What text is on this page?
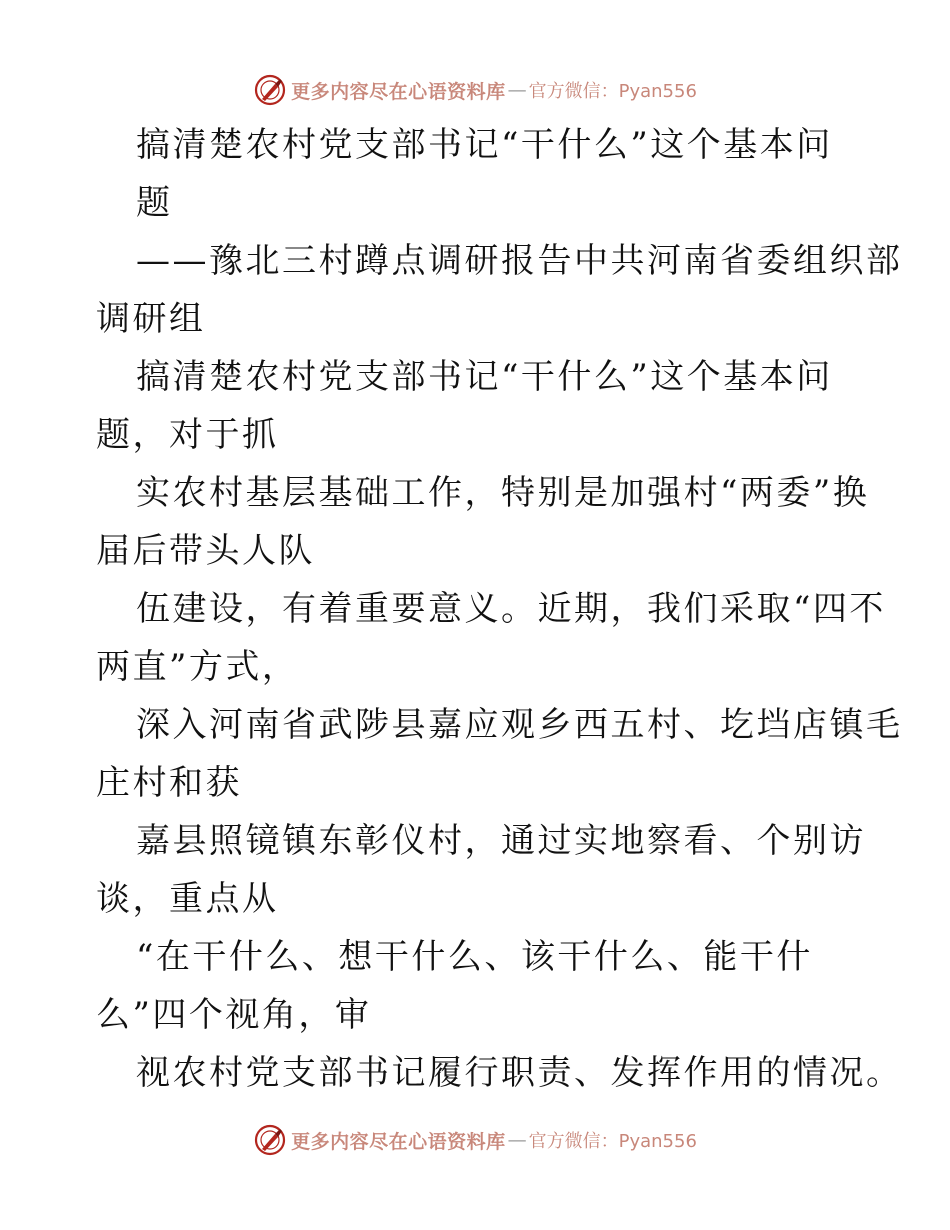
更多内容尽在心语资料库 — 官方微信：Pyan556
搞清楚农村党支部书记“干什么”这个基本问
题
——豫北三村蹲点调研报告中共河南省委组织部
调研组
搞清楚农村党支部书记“干什么”这个基本问
题，对于抓
实农村基层基础工作，特别是加强村“两委”换
届后带头人队
伍建设，有着重要意义。近期，我们采取“四不
两直”方式，
深入河南省武陟县嘉应观乡西五村、圪垱店镇毛
庄村和获
嘉县照镜镇东彰仪村，通过实地察看、个别访
谈，重点从
“在干什么、想干什么、该干什么、能干什
么”四个视角，审
视农村党支部书记履行职责、发挥作用的情况。
更多内容尽在心语资料库 — 官方微信：Pyan556
